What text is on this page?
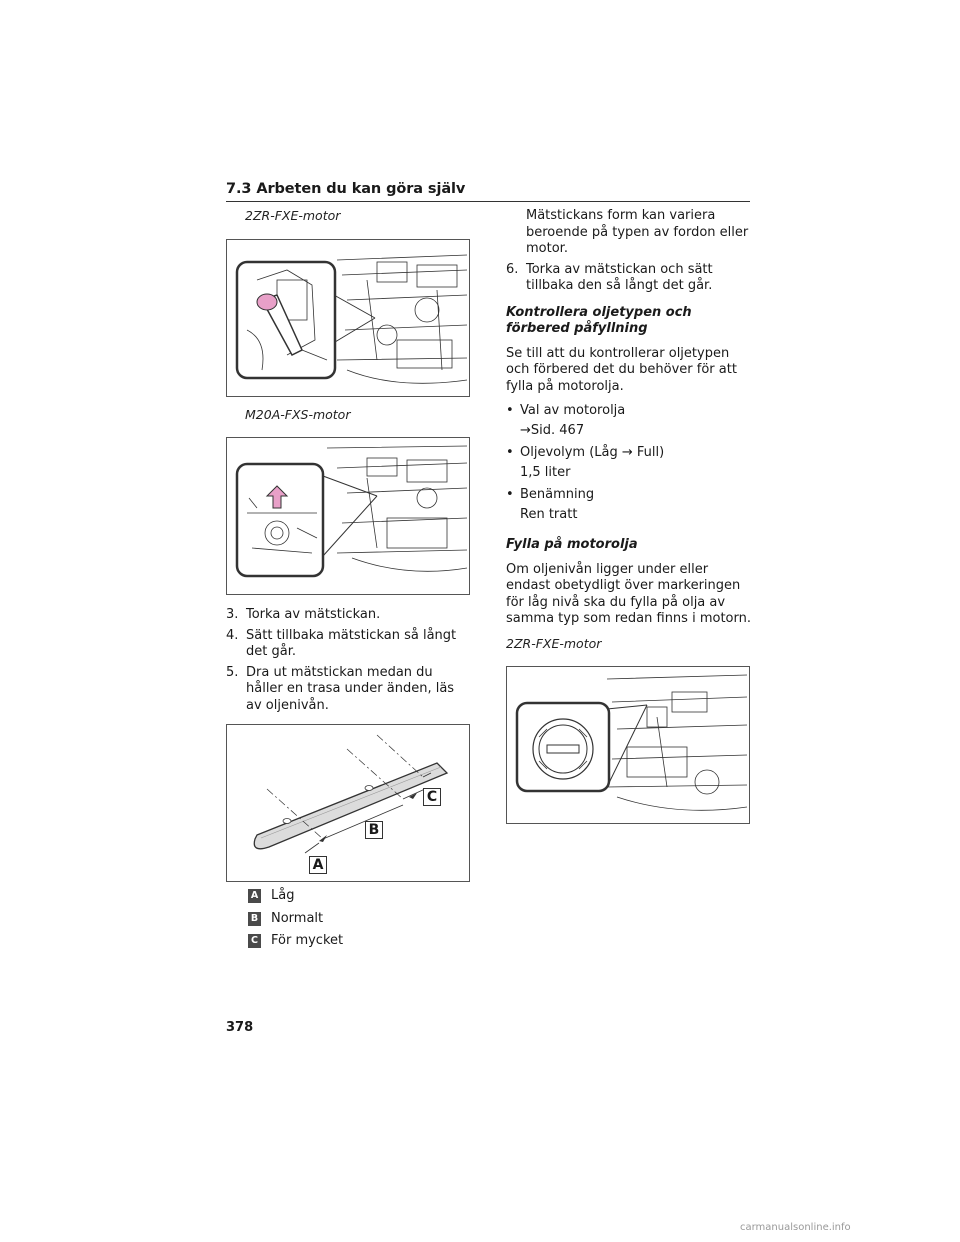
7.3 Arbeten du kan göra själv
2ZR-FXE-motor
M20A-FXS-motor
3. Torka av mätstickan.
4. Sätt tillbaka mätstickan så långt det går.
5. Dra ut mätstickan medan du håller en trasa under änden, läs av oljenivån.
A
B
C
A Låg
B Normalt
C För mycket
Mätstickans form kan variera beroende på typen av fordon eller motor.
6. Torka av mätstickan och sätt tillbaka den så långt det går.
Kontrollera oljetypen och förbered påfyllning
Se till att du kontrollerar oljetypen och förbered det du behöver för att fylla på motorolja.
• Val av motorolja
→Sid. 467
• Oljevolym (Låg → Full)
1,5 liter
• Benämning
Ren tratt
Fylla på motorolja
Om oljenivån ligger under eller endast obetydligt över markeringen för låg nivå ska du fylla på olja av samma typ som redan finns i motorn.
2ZR-FXE-motor
378
carmanualsonline.info
